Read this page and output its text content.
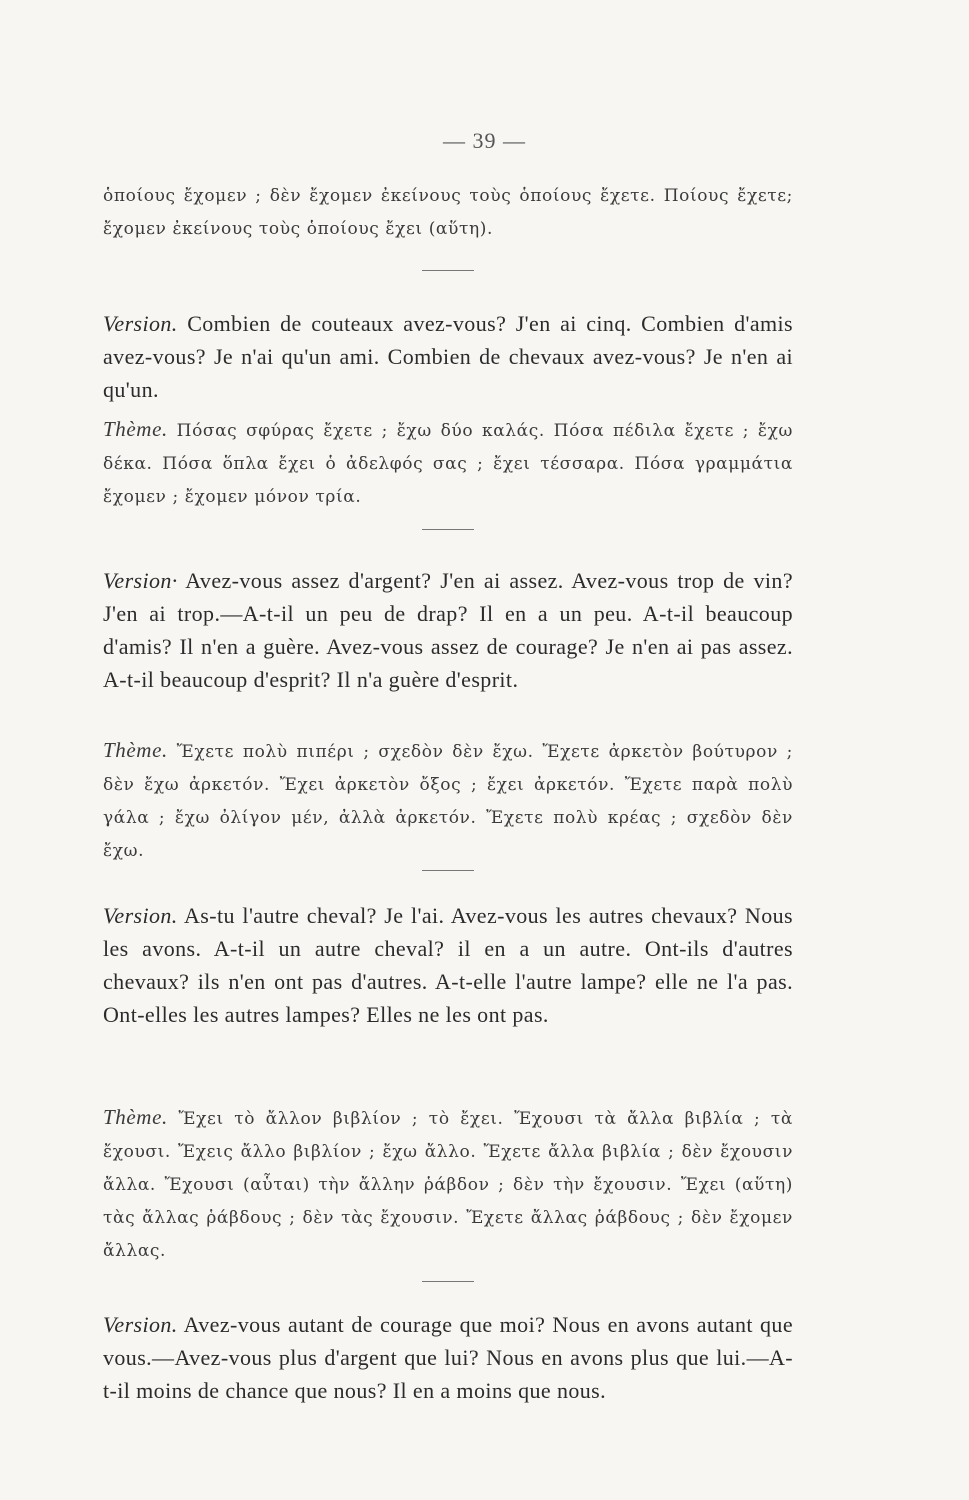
— 39 —
ὁποίους ἔχομεν ; δὲν ἔχομεν ἐκείνους τοὺς ὁποίους ἔχετε. Ποίους ἔχετε; ἔχομεν ἐκείνους τοὺς ὁποίους ἔχει (αὕτη).
Version. Combien de couteaux avez-vous? J'en ai cinq. Combien d'amis avez-vous? Je n'ai qu'un ami. Combien de chevaux avez-vous? Je n'en ai qu'un.
Thème. Πόσας σφύρας ἔχετε ; ἔχω δύο καλάς. Πόσα πέδιλα ἔχετε ; ἔχω δέκα. Πόσα ὅπλα ἔχει ὁ ἀδελφός σας ; ἔχει τέσσαρα. Πόσα γραμμάτια ἔχομεν ; ἔχομεν μόνον τρία.
Version· Avez-vous assez d'argent? J'en ai assez. Avez-vous trop de vin? J'en ai trop.—A-t-il un peu de drap? Il en a un peu. A-t-il beaucoup d'amis? Il n'en a guère. Avez-vous assez de courage? Je n'en ai pas assez. A-t-il beaucoup d'esprit? Il n'a guère d'esprit.
Thème. Ἔχετε πολὺ πιπέρι ; σχεδὸν δὲν ἔχω. Ἔχετε ἀρκετὸν βούτυρον ; δὲν ἔχω ἀρκετόν. Ἔχει ἀρκετὸν ὄξος ; ἔχει ἀρκετόν. Ἔχετε παρὰ πολὺ γάλα ; ἔχω ὀλίγον μέν, ἀλλὰ ἀρκετόν. Ἔχετε πολὺ κρέας ; σχεδὸν δὲν ἔχω.
Version. As-tu l'autre cheval? Je l'ai. Avez-vous les autres chevaux? Nous les avons. A-t-il un autre cheval? il en a un autre. Ont-ils d'autres chevaux? ils n'en ont pas d'autres. A-t-elle l'autre lampe? elle ne l'a pas. Ont-elles les autres lampes? Elles ne les ont pas.
Thème. Ἔχει τὸ ἄλλον βιβλίον ; τὸ ἔχει. Ἔχουσι τὰ ἄλλα βιβλία ; τὰ ἔχουσι. Ἔχεις ἄλλο βιβλίον ; ἔχω ἄλλο. Ἔχετε ἄλλα βιβλία ; δὲν ἔχουσιν ἄλλα. Ἔχουσι (αὗται) τὴν ἄλλην ῥάβδον ; δὲν τὴν ἔχουσιν. Ἔχει (αὕτη) τὰς ἄλλας ῥάβδους ; δὲν τὰς ἔχουσιν. Ἔχετε ἄλλας ῥάβδους ; δὲν ἔχομεν ἄλλας.
Version. Avez-vous autant de courage que moi? Nous en avons autant que vous.—Avez-vous plus d'argent que lui? Nous en avons plus que lui.—A-t-il moins de chance que nous? Il en a moins que nous.
